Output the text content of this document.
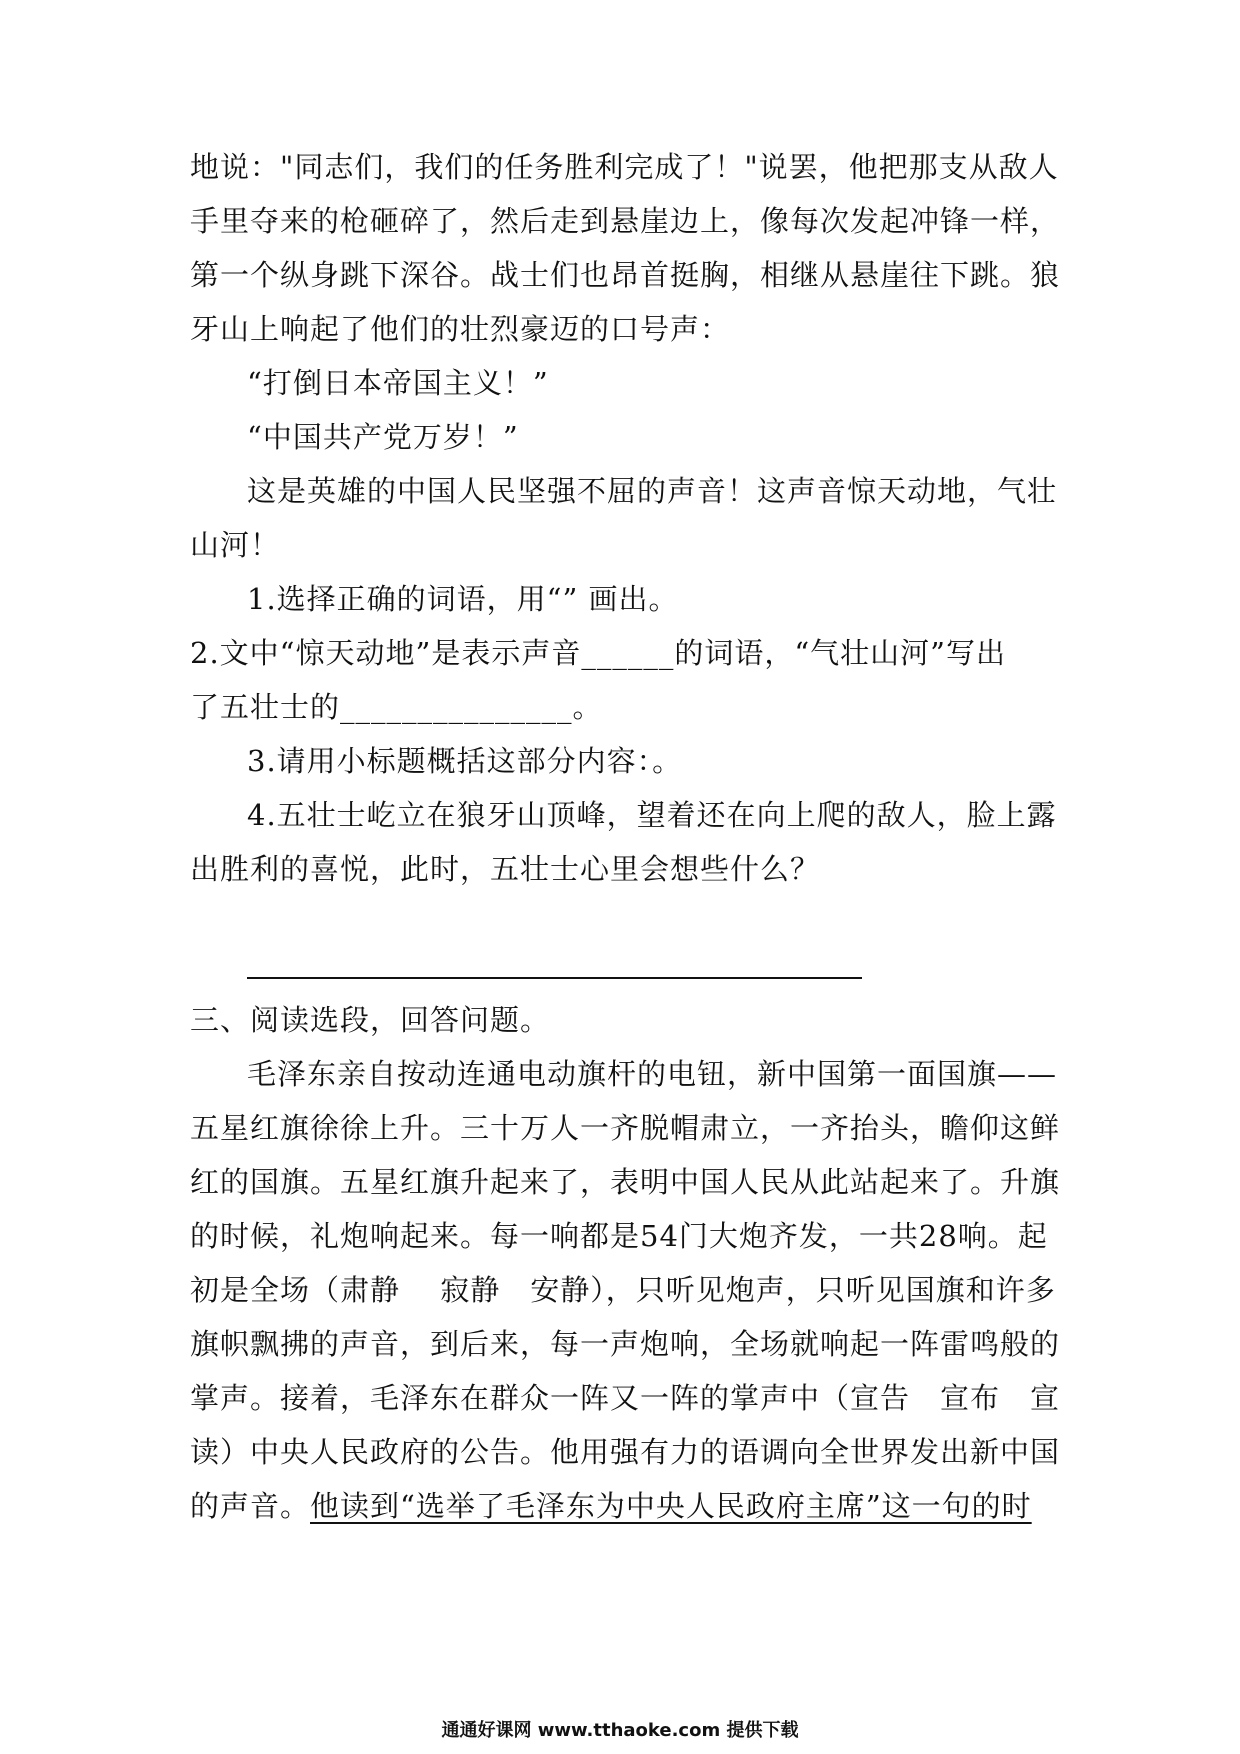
地说："同志们，我们的任务胜利完成了！"说罢，他把那支从敌人
手里夺来的枪砸碎了，然后走到悬崖边上，像每次发起冲锋一样，
第一个纵身跳下深谷。战士们也昂首挺胸，相继从悬崖往下跳。狼
牙山上响起了他们的壮烈豪迈的口号声：
“打倒日本帝国主义！”
“中国共产党万岁！”
这是英雄的中国人民坚强不屈的声音！这声音惊天动地，气壮
山河！
1.选择正确的词语，用“” 画出。
2.文中“惊天动地”是表示声音______的词语，“气壮山河”写出
了五壮士的_______________。
3.请用小标题概括这部分内容：。
4.五壮士屹立在狼牙山顶峰，望着还在向上爬的敌人，脸上露
出胜利的喜悦，此时，五壮士心里会想些什么？
三、阅读选段，回答问题。
毛泽东亲自按动连通电动旗杆的电钮，新中国第一面国旗——
五星红旗徐徐上升。三十万人一齐脱帽肃立，一齐抬头，瞻仰这鲜
红的国旗。五星红旗升起来了，表明中国人民从此站起来了。升旗
的时候，礼炮响起来。每一响都是54门大炮齐发，一共28响。起
初是全场（肃静　 寂静　安静），只听见炮声，只听见国旗和许多
旗帜飘拂的声音，到后来，每一声炮响，全场就响起一阵雷鸣般的
掌声。接着，毛泽东在群众一阵又一阵的掌声中（宣告　宣布　宣
读）中央人民政府的公告。他用强有力的语调向全世界发出新中国
的声音。他读到“选举了毛泽东为中央人民政府主席”这一句的时
通通好课网 www.tthaoke.com 提供下载
